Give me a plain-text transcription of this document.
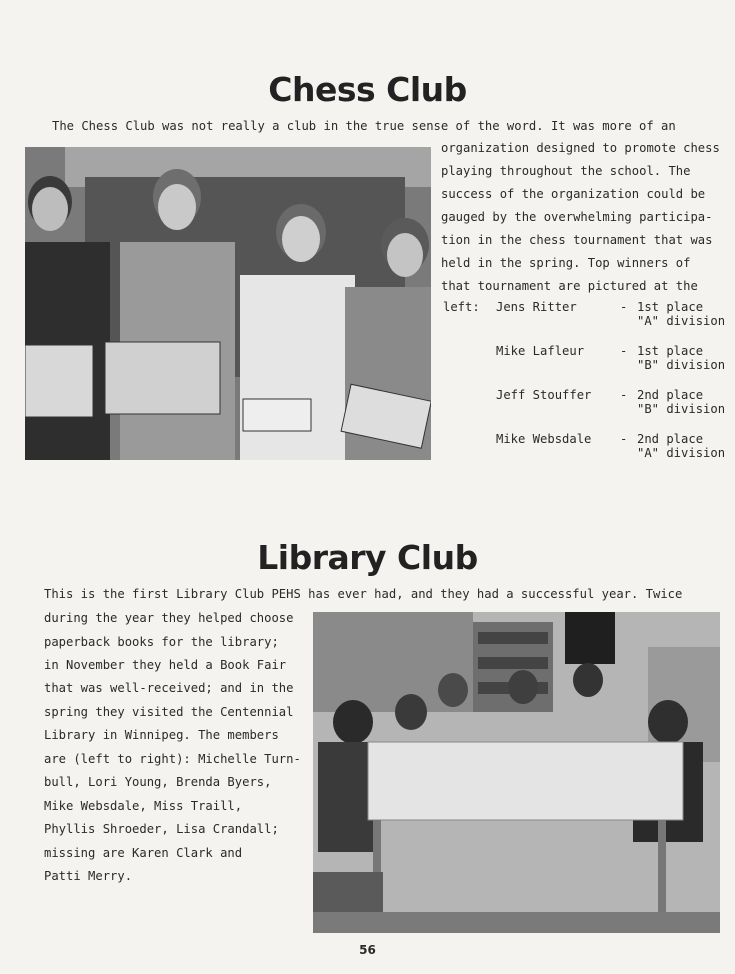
Chess Club

The Chess Club was not really a club in the true sense of the word. It was more of an

organization designed to promote chess

playing throughout the school. The

success of the organization could be

gauged by the overwhelming participa-

tion in the chess tournament that was

held in the spring. Top winners of

that tournament are pictured at the

left:	Jens Ritter	- 1st place
"A" division
Mike Lafleur	- 1st place
"B" division
Jeff Stouffer - 2nd place
"B" division
Mike Websdale - 2nd place
"A" division
Library Club

This is the first Library Club PEHS has ever had, and they had a successful year. Twice

during the year they helped choose

paperback books for the library;

in November they held a Book Fair

that was well-received; and in the

spring they visited the Centennial

Library in Winnipeg. The members

are (left to right): Michelle Turn-

bull, Lori Young, Brenda Byers,

Mike Websdale, Miss Traill,

Phyllis Shroeder, Lisa Crandall;

missing are Karen Clark and

Patti Merry.

56
